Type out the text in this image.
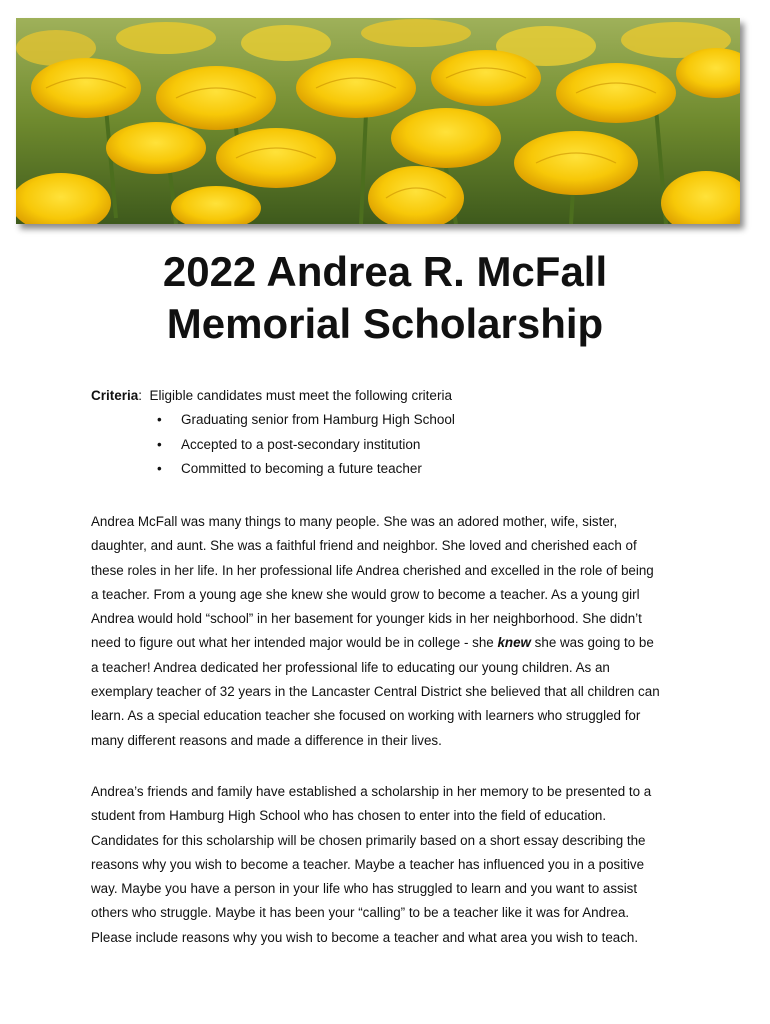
2022 Andrea R. McFall
Memorial Scholarship
Criteria:  Eligible candidates must meet the following criteria
• Graduating senior from Hamburg High School
• Accepted to a post-secondary institution
• Committed to becoming a future teacher

Andrea McFall was many things to many people. She was an adored mother, wife, sister,
daughter, and aunt. She was a faithful friend and neighbor. She loved and cherished each of
these roles in her life. In her professional life Andrea cherished and excelled in the role of being
a teacher. From a young age she knew she would grow to become a teacher. As a young girl
Andrea would hold “school” in her basement for younger kids in her neighborhood. She didn’t
need to figure out what her intended major would be in college - she knew she was going to be
a teacher! Andrea dedicated her professional life to educating our young children. As an
exemplary teacher of 32 years in the Lancaster Central District she believed that all children can
learn. As a special education teacher she focused on working with learners who struggled for
many different reasons and made a difference in their lives.

Andrea’s friends and family have established a scholarship in her memory to be presented to a
student from Hamburg High School who has chosen to enter into the field of education.
Candidates for this scholarship will be chosen primarily based on a short essay describing the
reasons why you wish to become a teacher. Maybe a teacher has influenced you in a positive
way. Maybe you have a person in your life who has struggled to learn and you want to assist
others who struggle. Maybe it has been your “calling” to be a teacher like it was for Andrea.
Please include reasons why you wish to become a teacher and what area you wish to teach.
